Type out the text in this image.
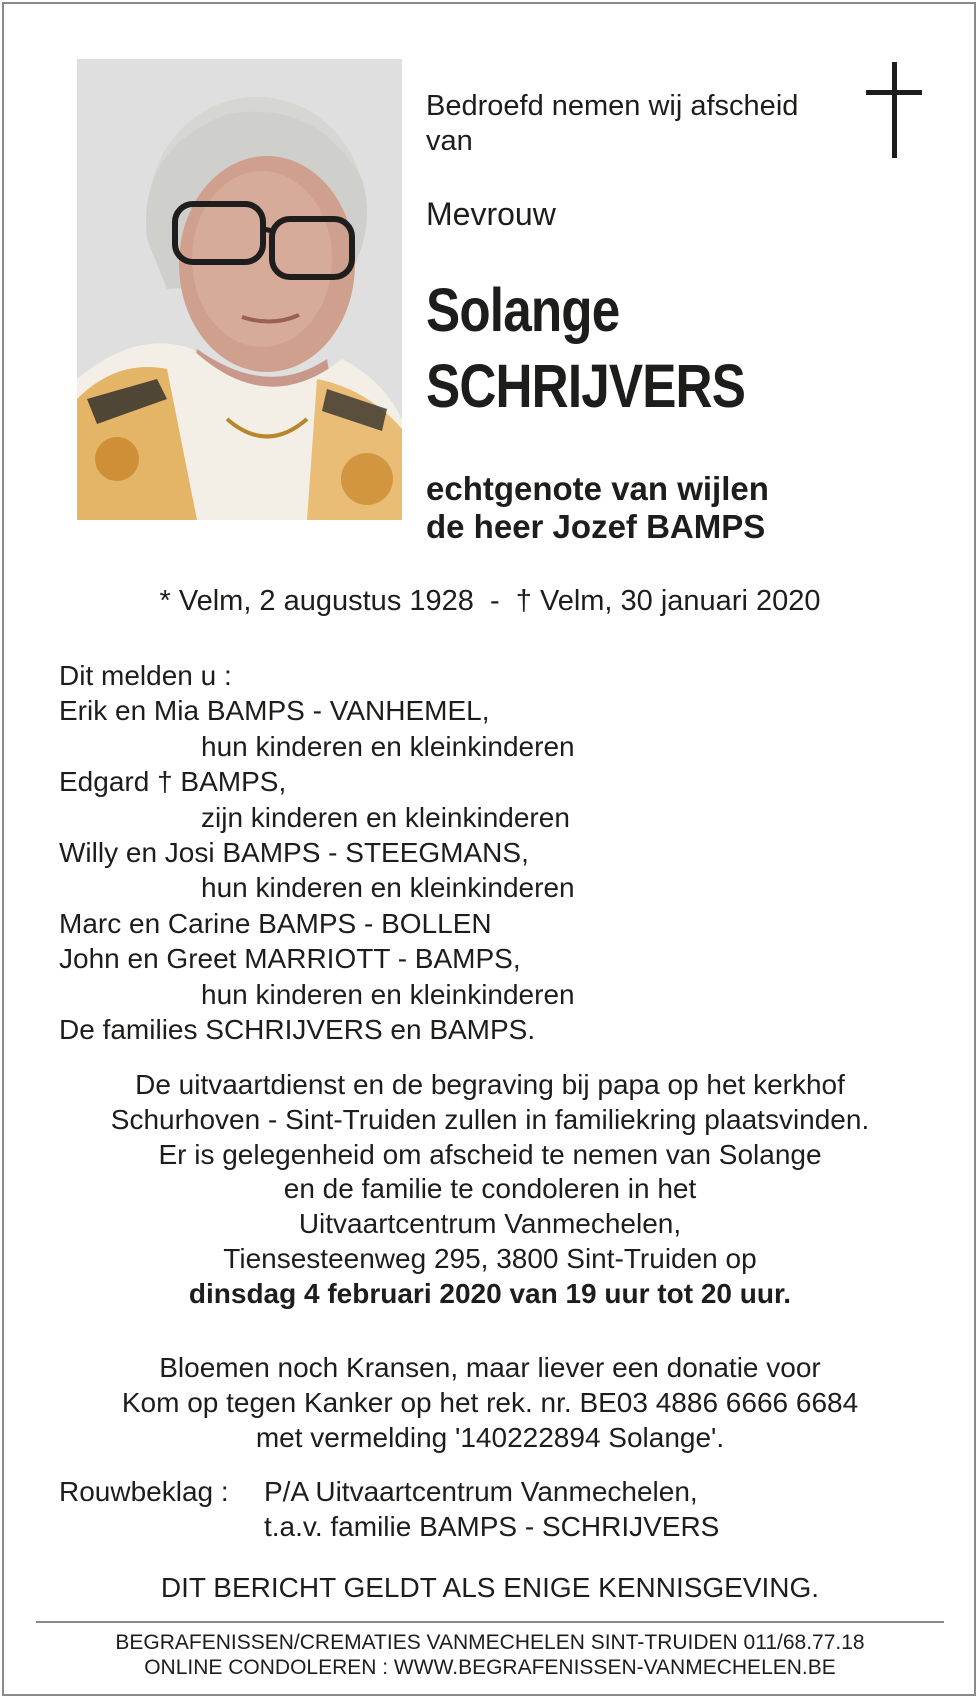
Bedroefd nemen wij afscheid
van
Mevrouw
Solange
SCHRIJVERS
echtgenote van wijlen
de heer Jozef BAMPS
* Velm, 2 augustus 1928  -  † Velm, 30 januari 2020
Dit melden u :
Erik en Mia BAMPS - VANHEMEL,
hun kinderen en kleinkinderen
Edgard † BAMPS,
zijn kinderen en kleinkinderen
Willy en Josi BAMPS - STEEGMANS,
hun kinderen en kleinkinderen
Marc en Carine BAMPS - BOLLEN
John en Greet MARRIOTT - BAMPS,
hun kinderen en kleinkinderen
De families SCHRIJVERS en BAMPS.
De uitvaartdienst en de begraving bij papa op het kerkhof
Schurhoven - Sint-Truiden zullen in familiekring plaatsvinden.
Er is gelegenheid om afscheid te nemen van Solange
en de familie te condoleren in het
Uitvaartcentrum Vanmechelen,
Tiensesteenweg 295, 3800 Sint-Truiden op
dinsdag 4 februari 2020 van 19 uur tot 20 uur.
Bloemen noch Kransen, maar liever een donatie voor
Kom op tegen Kanker op het rek. nr. BE03 4886 6666 6684
met vermelding '140222894 Solange'.
Rouwbeklag : P/A Uitvaartcentrum Vanmechelen,
t.a.v. familie BAMPS - SCHRIJVERS
DIT BERICHT GELDT ALS ENIGE KENNISGEVING.
BEGRAFENISSEN/CREMATIES VANMECHELEN SINT-TRUIDEN 011/68.77.18
ONLINE CONDOLEREN : WWW.BEGRAFENISSEN-VANMECHELEN.BE
